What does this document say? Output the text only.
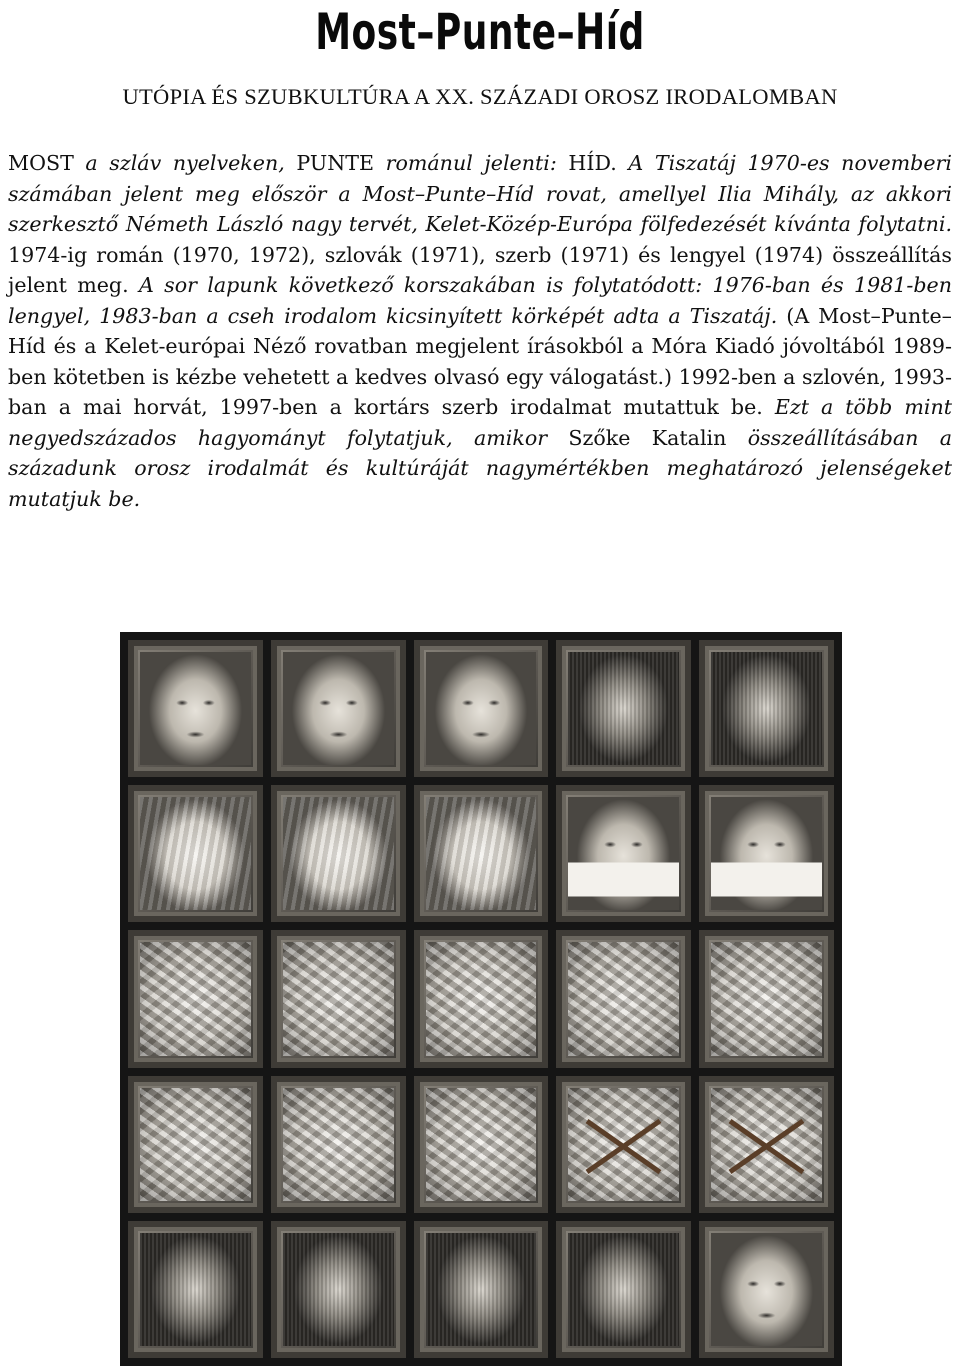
Most–Punte–Híd
UTÓPIA ÉS SZUBKULTÚRA A XX. SZÁZADI OROSZ IRODALOMBAN
MOST a szláv nyelveken, PUNTE románul jelenti: HÍD. A Tiszatáj 1970-es novemberi számában jelent meg először a Most–Punte–Híd rovat, amellyel Ilia Mihály, az akkori szerkesztő Németh László nagy tervét, Kelet-Közép-Európa fölfedezését kívánta folytatni. 1974-ig román (1970, 1972), szlovák (1971), szerb (1971) és lengyel (1974) összeállítás jelent meg. A sor lapunk következő korszakában is folytatódott: 1976-ban és 1981-ben lengyel, 1983-ban a cseh irodalom kicsinyített körképét adta a Tiszatáj. (A Most–Punte–Híd és a Kelet-európai Néző rovatban megjelent írásokból a Móra Kiadó jóvoltából 1989-ben kötetben is kézbe vehetett a kedves olvasó egy válogatást.) 1992-ben a szlovén, 1993-ban a mai horvát, 1997-ben a kortárs szerb irodalmat mutattuk be. Ezt a több mint negyedszázados hagyományt folytatjuk, amikor Szőke Katalin összeállításában a századunk orosz irodalmát és kultúráját nagymértékben meghatározó jelenségeket mutatjuk be.
